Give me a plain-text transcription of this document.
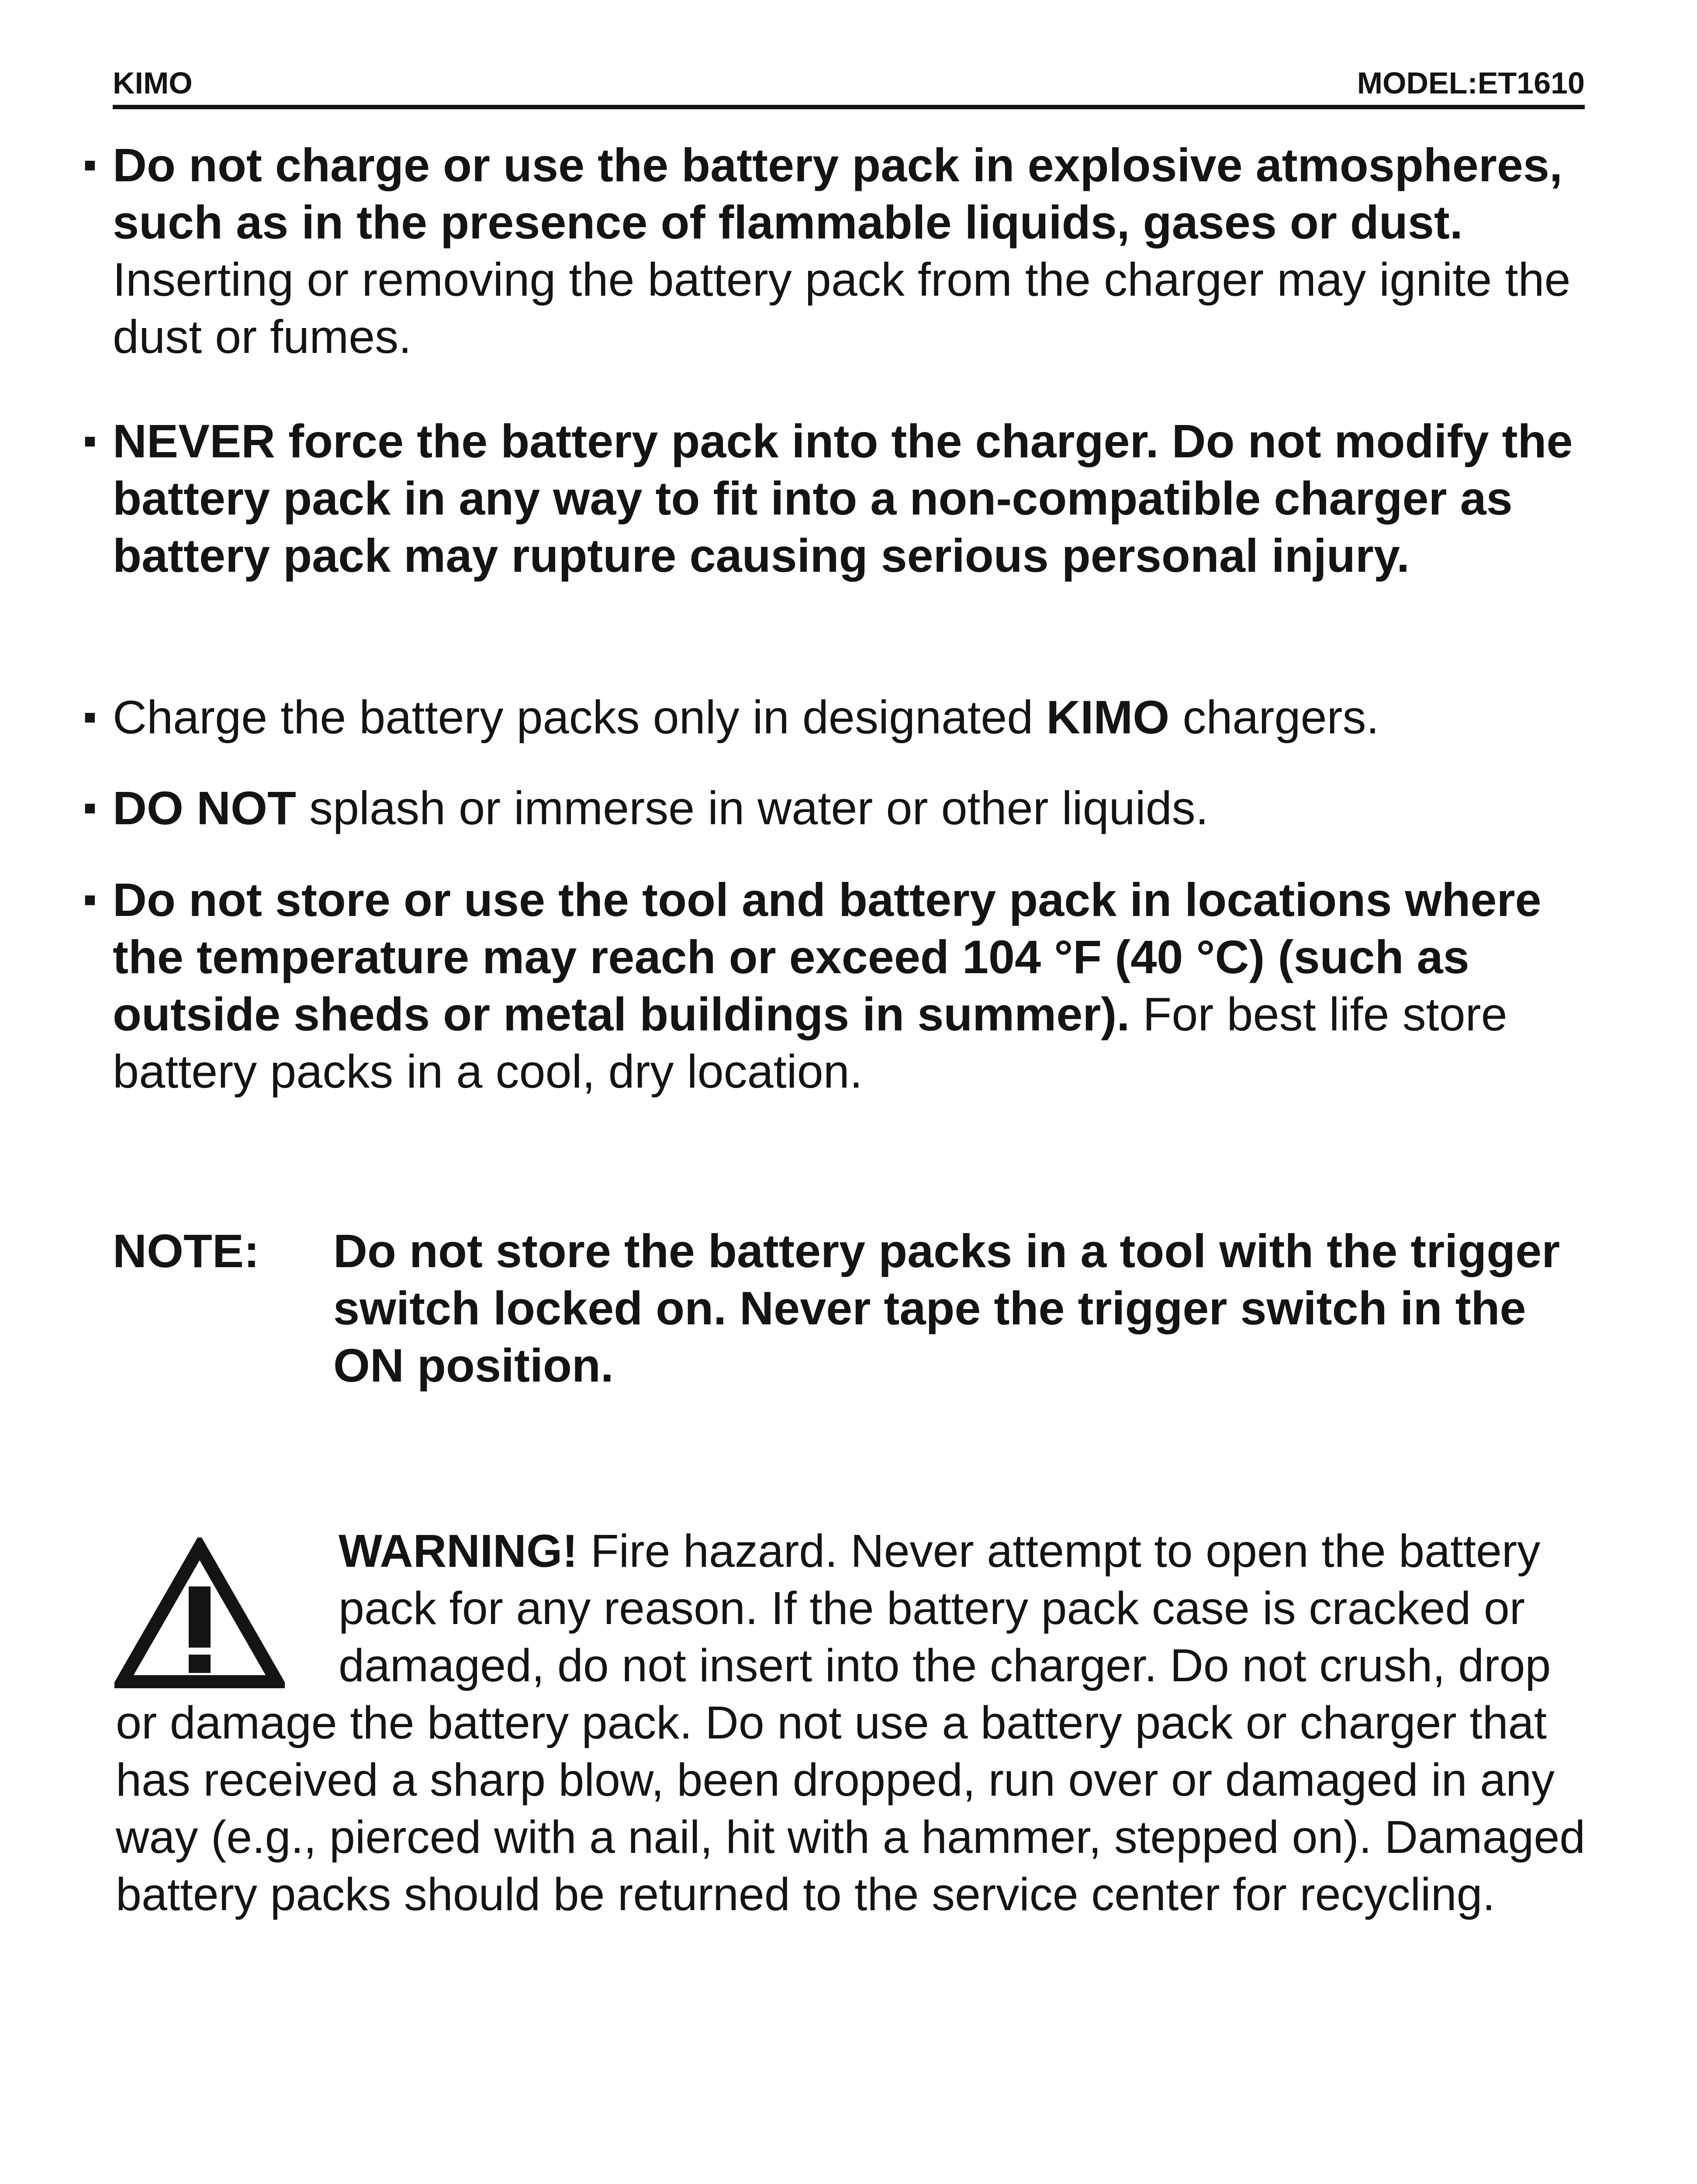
KIMO	MODEL:ET1610
▪ Do not charge or use the battery pack in explosive atmospheres, such as in the presence of flammable liquids, gases or dust. Inserting or removing the battery pack from the charger may ignite the dust or fumes.
▪ NEVER force the battery pack into the charger. Do not modify the battery pack in any way to fit into a non-compatible charger as battery pack may rupture causing serious personal injury.
▪ Charge the battery packs only in designated KIMO chargers.
▪ DO NOT splash or immerse in water or other liquids.
▪ Do not store or use the tool and battery pack in locations where the temperature may reach or exceed 104 °F (40 °C) (such as outside sheds or metal buildings in summer). For best life store battery packs in a cool, dry location.
NOTE: Do not store the battery packs in a tool with the trigger switch locked on. Never tape the trigger switch in the ON position.
WARNING! Fire hazard. Never attempt to open the battery pack for any reason. If the battery pack case is cracked or damaged, do not insert into the charger. Do not crush, drop or damage the battery pack. Do not use a battery pack or charger that has received a sharp blow, been dropped, run over or damaged in any way (e.g., pierced with a nail, hit with a hammer, stepped on). Damaged battery packs should be returned to the service center for recycling.
